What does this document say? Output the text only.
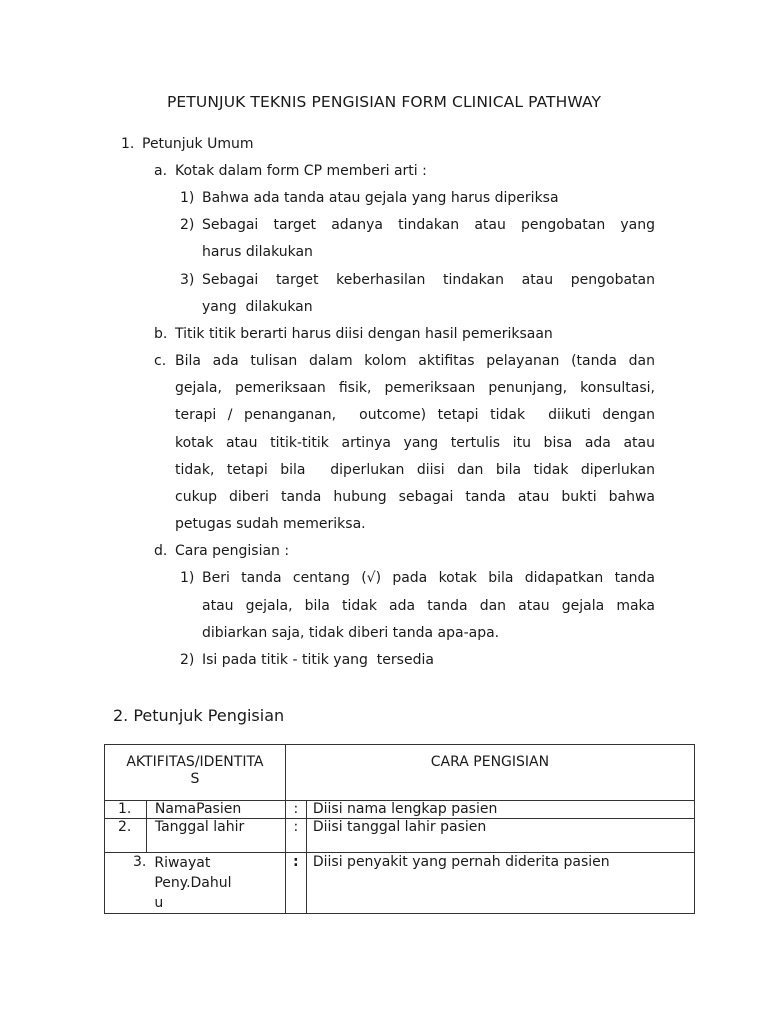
PETUNJUK TEKNIS PENGISIAN FORM CLINICAL PATHWAY
1. Petunjuk Umum
a. Kotak dalam form CP memberi arti :
1) Bahwa ada tanda atau gejala yang harus diperiksa
2) Sebagai target adanya tindakan atau pengobatan yang
harus dilakukan
3) Sebagai target keberhasilan tindakan atau pengobatan
yang  dilakukan
b. Titik titik berarti harus diisi dengan hasil pemeriksaan
c. Bila ada tulisan dalam kolom aktifitas pelayanan (tanda dan
gejala, pemeriksaan fisik, pemeriksaan penunjang, konsultasi,
terapi / penanganan,  outcome) tetapi tidak  diikuti dengan
kotak atau titik-titik artinya yang tertulis itu bisa ada atau
tidak, tetapi bila  diperlukan diisi dan bila tidak diperlukan
cukup diberi tanda hubung sebagai tanda atau bukti bahwa
petugas sudah memeriksa.
d. Cara pengisian :
1) Beri tanda centang (√) pada kotak bila didapatkan tanda
atau gejala, bila tidak ada tanda dan atau gejala maka
dibiarkan saja, tidak diberi tanda apa-apa.
2) Isi pada titik - titik yang  tersedia
2. Petunjuk Pengisian
AKTIFITAS/IDENTITA
S		CARA PENGISIAN	

1.	NamaPasien	:	Diisi nama lengkap pasien
2.	Tanggal lahir	:	Diisi tanggal lahir pasien
3.	Riwayat
Peny.Dahul
u	:	Diisi penyakit yang pernah diderita pasien
